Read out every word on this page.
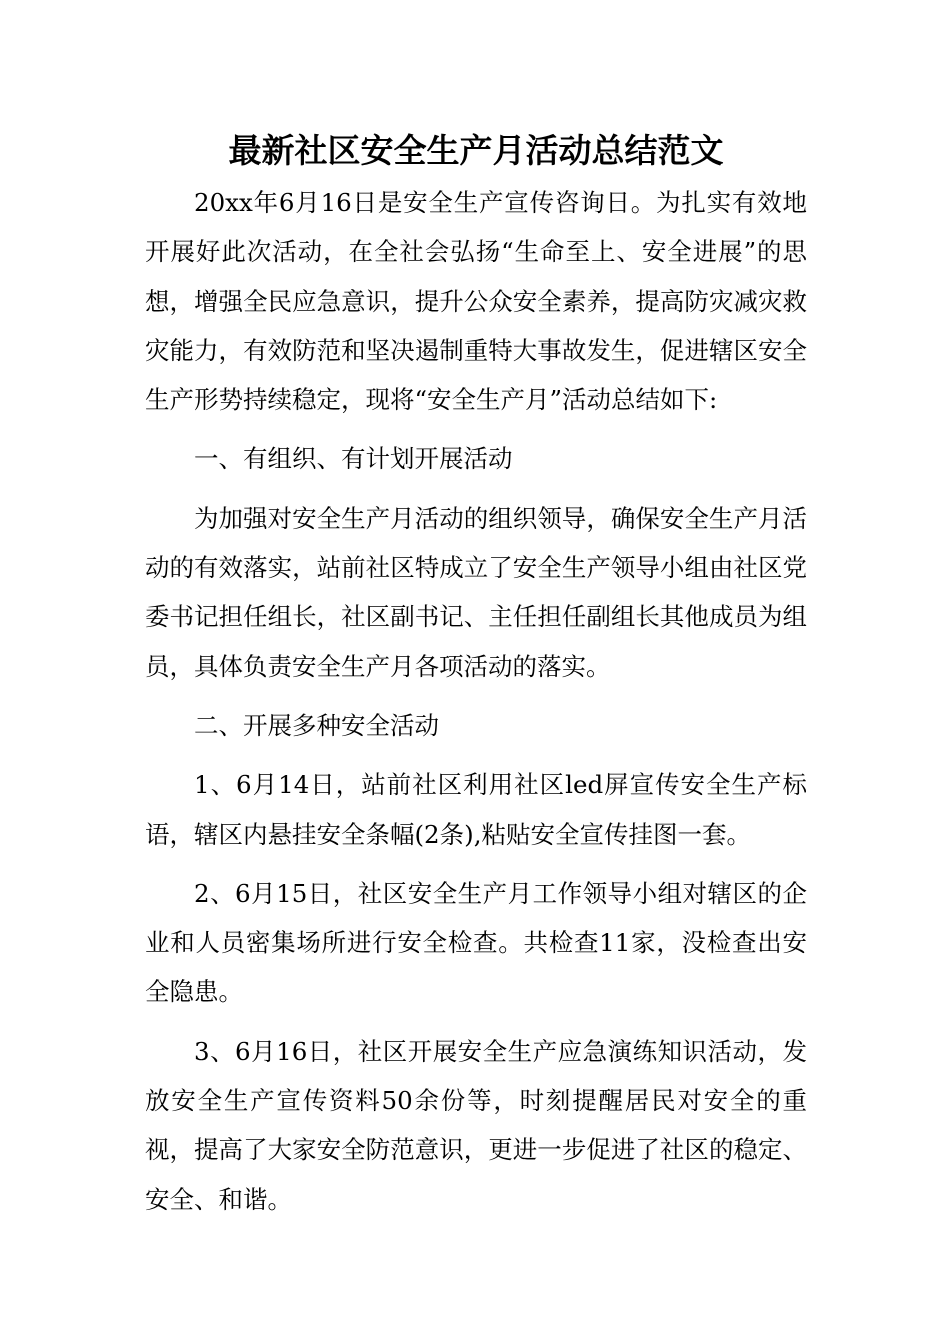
最新社区安全生产月活动总结范文

20xx年6月16日是安全生产宣传咨询日。为扎实有效地开展好此次活动，在全社会弘扬“生命至上、安全进展”的思想，增强全民应急意识，提升公众安全素养，提高防灾减灾救灾能力，有效防范和坚决遏制重特大事故发生，促进辖区安全生产形势持续稳定，现将“安全生产月”活动总结如下:

一、有组织、有计划开展活动

为加强对安全生产月活动的组织领导，确保安全生产月活动的有效落实，站前社区特成立了安全生产领导小组由社区党委书记担任组长，社区副书记、主任担任副组长其他成员为组员，具体负责安全生产月各项活动的落实。

二、开展多种安全活动

1、6月14日，站前社区利用社区led屏宣传安全生产标语，辖区内悬挂安全条幅(2条),粘贴安全宣传挂图一套。

2、6月15日，社区安全生产月工作领导小组对辖区的企业和人员密集场所进行安全检查。共检查11家，没检查出安全隐患。

3、6月16日，社区开展安全生产应急演练知识活动，发放安全生产宣传资料50余份等，时刻提醒居民对安全的重视，提高了大家安全防范意识，更进一步促进了社区的稳定、安全、和谐。
